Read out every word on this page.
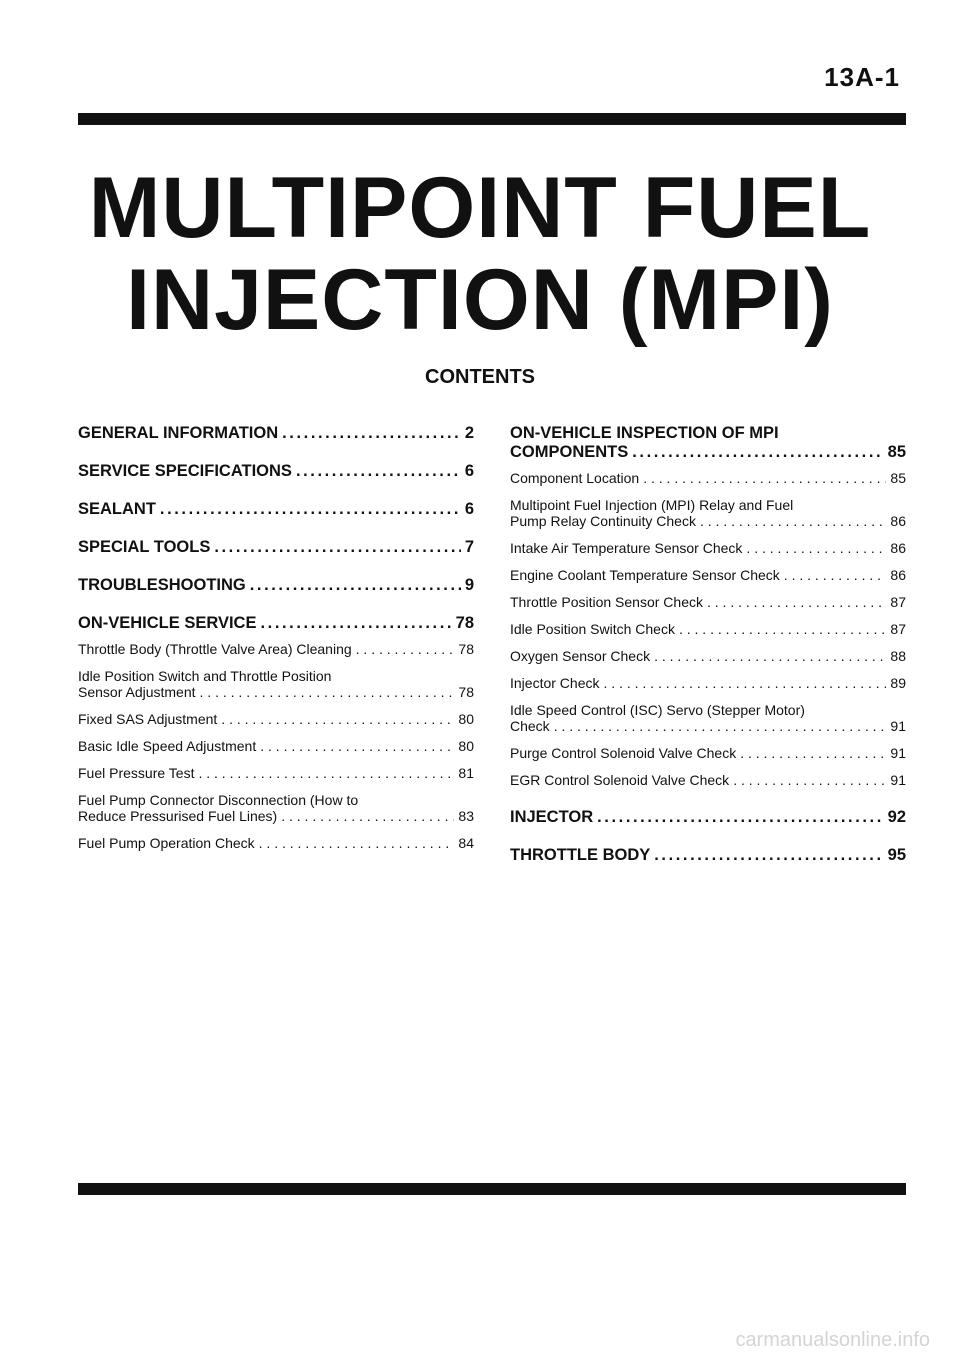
13A-1
MULTIPOINT FUEL
INJECTION (MPI)
CONTENTS
GENERAL INFORMATION . . .	2
SERVICE SPECIFICATIONS . . .	6
SEALANT . . .	6
SPECIAL TOOLS . . .	7
TROUBLESHOOTING . . .	9
ON-VEHICLE SERVICE . . .	78
Throttle Body (Throttle Valve Area) Cleaning . . .	78
Idle Position Switch and Throttle Position
Sensor Adjustment . . .	78
Fixed SAS Adjustment . . .	80
Basic Idle Speed Adjustment . . .	80
Fuel Pressure Test . . .	81
Fuel Pump Connector Disconnection (How to
Reduce Pressurised Fuel Lines) . . .	83
Fuel Pump Operation Check . . .	84
ON-VEHICLE INSPECTION OF MPI
COMPONENTS . . .	85
Component Location . . .	85
Multipoint Fuel Injection (MPI) Relay and Fuel
Pump Relay Continuity Check . . .	86
Intake Air Temperature Sensor Check . . .	86
Engine Coolant Temperature Sensor Check . . .	86
Throttle Position Sensor Check . . .	87
Idle Position Switch Check . . .	87
Oxygen Sensor Check . . .	88
Injector Check . . .	89
Idle Speed Control (ISC) Servo (Stepper Motor)
Check . . .	91
Purge Control Solenoid Valve Check . . .	91
EGR Control Solenoid Valve Check . . .	91
INJECTOR . . .	92
THROTTLE BODY . . .	95
carmanualsonline.info
